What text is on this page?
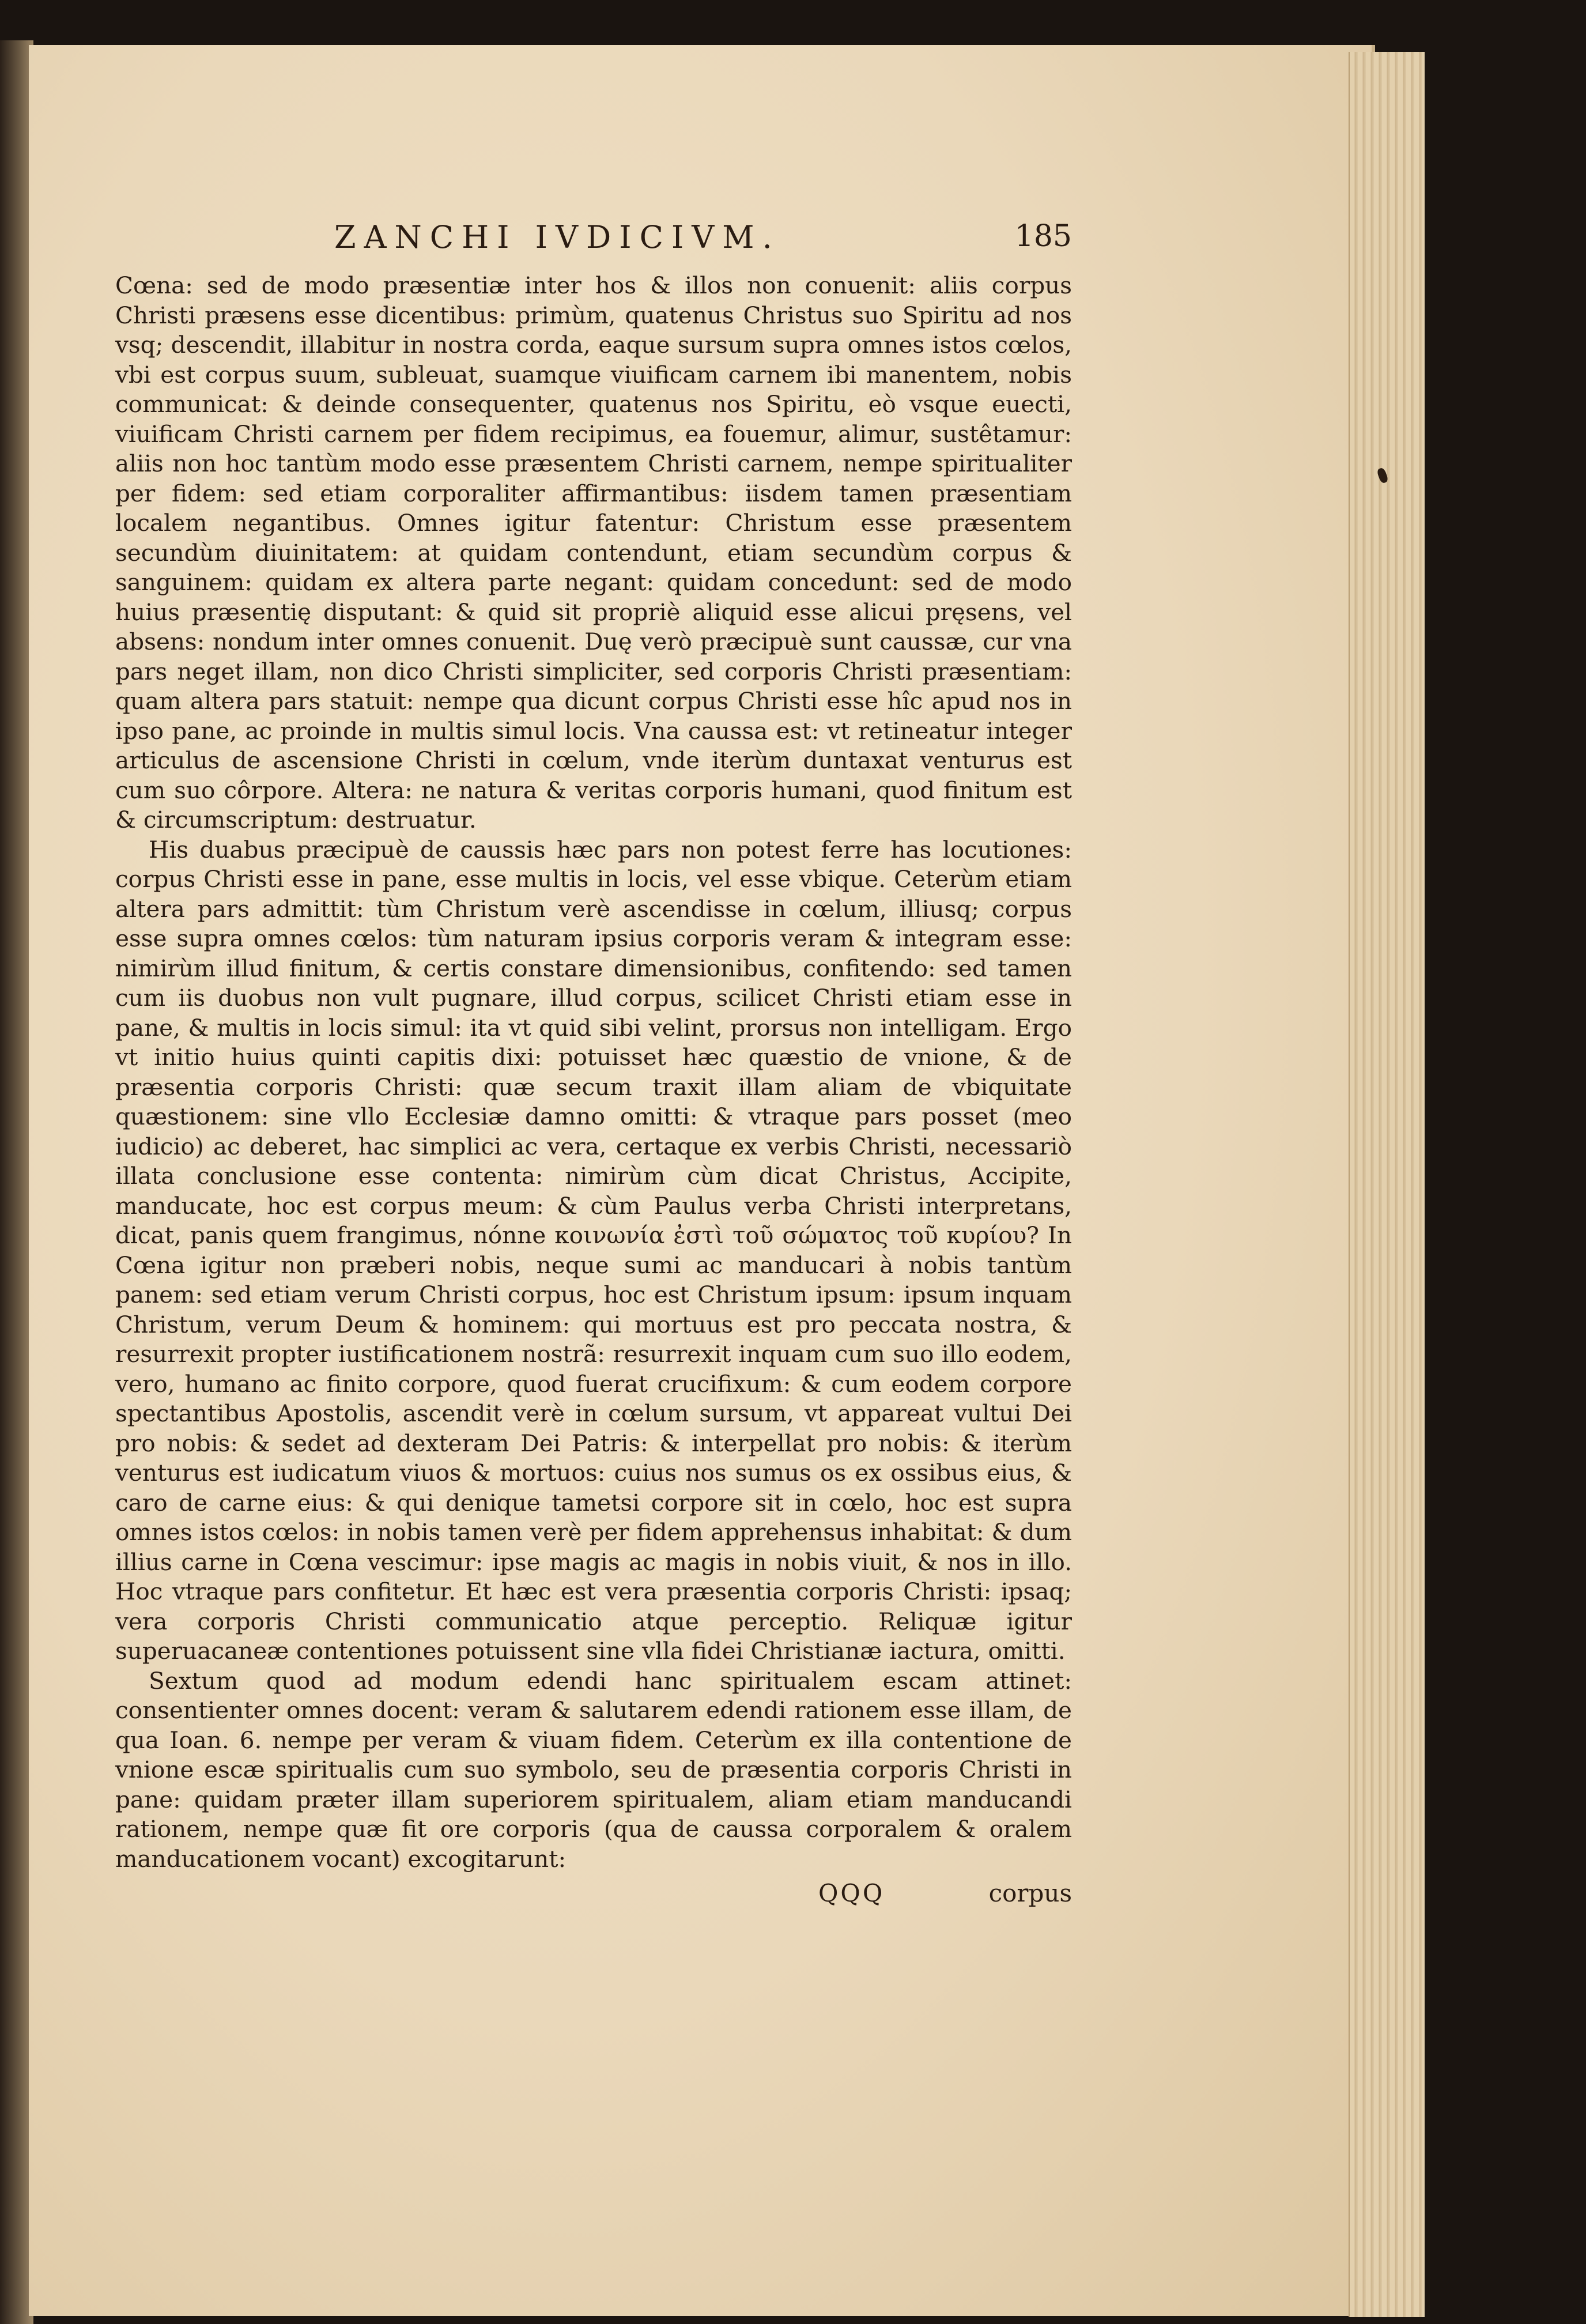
ZANCHI IVDICIVM.	185

Cœna: sed de modo præsentiæ inter hos & illos non conuenit: aliis corpus Christi præsens esse dicentibus: primùm, quatenus Christus suo Spiritu ad nos vsq; descendit, illabitur in nostra corda, eaque sursum supra omnes istos cœlos, vbi est corpus suum, subleuat, suamque viuificam carnem ibi manentem, nobis communicat: & deinde consequenter, quatenus nos Spiritu, eò vsque euecti, viuificam Christi carnem per fidem recipimus, ea fouemur, alimur, sustêtamur: aliis non hoc tantùm modo esse præsentem Christi carnem, nempe spiritualiter per fidem: sed etiam corporaliter affirmantibus: iisdem tamen præsentiam localem negantibus. Omnes igitur fatentur: Christum esse præsentem secundùm diuinitatem: at quidam contendunt, etiam secundùm corpus & sanguinem: quidam ex altera parte negant: quidam concedunt: sed de modo huius præsentię disputant: & quid sit propriè aliquid esse alicui pręsens, vel absens: nondum inter omnes conuenit. Duę verò præcipuè sunt caussæ, cur vna pars neget illam, non dico Christi simpliciter, sed corporis Christi præsentiam: quam altera pars statuit: nempe qua dicunt corpus Christi esse hîc apud nos in ipso pane, ac proinde in multis simul locis. Vna caussa est: vt retineatur integer articulus de ascensione Christi in cœlum, vnde iterùm duntaxat venturus est cum suo côrpore. Altera: ne natura & veritas corporis humani, quod finitum est & circumscriptum: destruatur.

His duabus præcipuè de caussis hæc pars non potest ferre has locutiones: corpus Christi esse in pane, esse multis in locis, vel esse vbique. Ceterùm etiam altera pars admittit: tùm Christum verè ascendisse in cœlum, illiusq; corpus esse supra omnes cœlos: tùm naturam ipsius corporis veram & integram esse: nimirùm illud finitum, & certis constare dimensionibus, confitendo: sed tamen cum iis duobus non vult pugnare, illud corpus, scilicet Christi etiam esse in pane, & multis in locis simul: ita vt quid sibi velint, prorsus non intelligam. Ergo vt initio huius quinti capitis dixi: potuisset hæc quæstio de vnione, & de præsentia corporis Christi: quæ secum traxit illam aliam de vbiquitate quæstionem: sine vllo Ecclesiæ damno omitti: & vtraque pars posset (meo iudicio) ac deberet, hac simplici ac vera, certaque ex verbis Christi, necessariò illata conclusione esse contenta: nimirùm cùm dicat Christus, Accipite, manducate, hoc est corpus meum: & cùm Paulus verba Christi interpretans, dicat, panis quem frangimus, nónne κοινωνία ἐστὶ τοῦ σώματος τοῦ κυρίου? In Cœna igitur non præberi nobis, neque sumi ac manducari à nobis tantùm panem: sed etiam verum Christi corpus, hoc est Christum ipsum: ipsum inquam Christum, verum Deum & hominem: qui mortuus est pro peccata nostra, & resurrexit propter iustificationem nostrã: resurrexit inquam cum suo illo eodem, vero, humano ac finito corpore, quod fuerat crucifixum: & cum eodem corpore spectantibus Apostolis, ascendit verè in cœlum sursum, vt appareat vultui Dei pro nobis: & sedet ad dexteram Dei Patris: & interpellat pro nobis: & iterùm venturus est iudicatum viuos & mortuos: cuius nos sumus os ex ossibus eius, & caro de carne eius: & qui denique tametsi corpore sit in cœlo, hoc est supra omnes istos cœlos: in nobis tamen verè per fidem apprehensus inhabitat: & dum illius carne in Cœna vescimur: ipse magis ac magis in nobis viuit, & nos in illo. Hoc vtraque pars confitetur. Et hæc est vera præsentia corporis Christi: ipsaq; vera corporis Christi communicatio atque perceptio. Reliquæ igitur superuacaneæ contentiones potuissent sine vlla fidei Christianæ iactura, omitti.

Sextum quod ad modum edendi hanc spiritualem escam attinet: consentienter omnes docent: veram & salutarem edendi rationem esse illam, de qua Ioan. 6. nempe per veram & viuam fidem. Ceterùm ex illa contentione de vnione escæ spiritualis cum suo symbolo, seu de præsentia corporis Christi in pane: quidam præter illam superiorem spiritualem, aliam etiam manducandi rationem, nempe quæ fit ore corporis (qua de caussa corporalem & oralem manducationem vocant) excogitarunt:

QQQ	corpus
